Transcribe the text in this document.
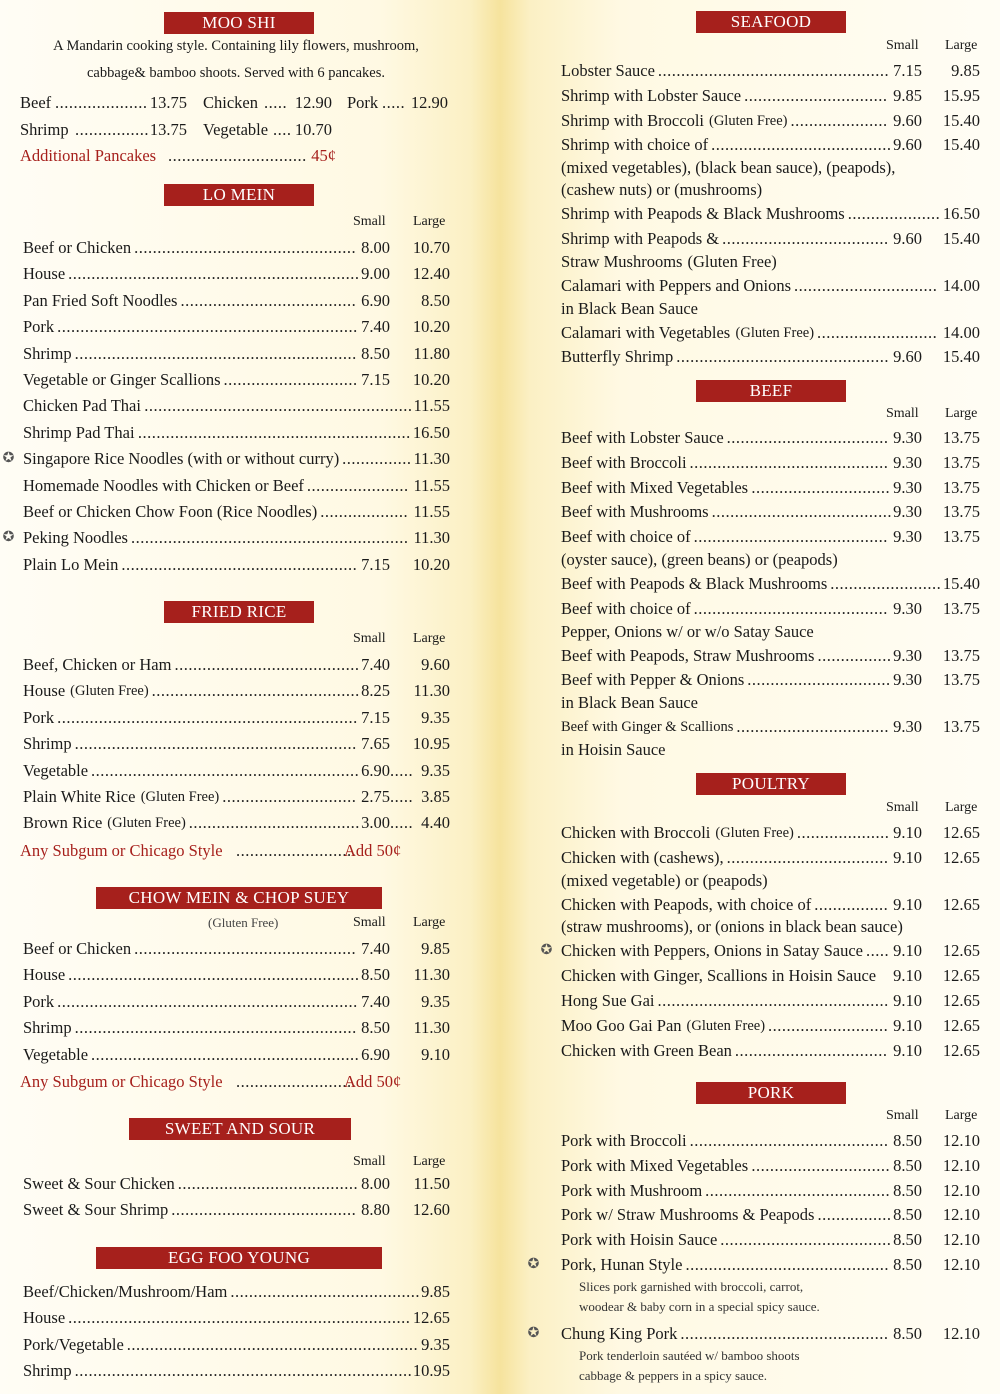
MOO SHI
A Mandarin cooking style. Containing lily flowers, mushroom,
cabbage& bamboo shoots. Served with 6 pancakes.
Beef .................... 13.75 Chicken ..... 12.90 Pork ..... 12.90
Shrimp ................ 13.75 Vegetable .... 10.70
Additional Pancakes .............................. 45¢
LO MEIN
Small Large
Beef or Chicken ................................................ 8.00	10.70
House ............................................................... 9.00	12.40
Pan Fried Soft Noodles ...................................... 6.90	8.50
Pork ................................................................. 7.40	10.20
Shrimp ............................................................. 8.50	11.80
Vegetable or Ginger Scallions ............................. 7.15	10.20
Chicken Pad Thai .......................................................... 11.55
Shrimp Pad Thai ........................................................... 16.50
Singapore Rice Noodles (with or without curry) ............... 11.30
✪
Homemade Noodles with Chicken or Beef ...................... 11.55
Beef or Chicken Chow Foon (Rice Noodles) ................... 11.55
Peking Noodles ............................................................ 11.30
✪
Plain Lo Mein ................................................... 7.15	10.20
FRIED RICE
Small Large
Beef, Chicken or Ham ........................................ 7.40	9.60
House (Gluten Free) ............................................. 8.25	11.30
Pork ................................................................. 7.15	9.35
Shrimp ............................................................. 7.65	10.95
Vegetable .......................................................... 6.90 ..... 9.35
Plain White Rice (Gluten Free) ............................. 2.75 ..... 3.85
Brown Rice (Gluten Free) ..................................... 3.00 ..... 4.40
Any Subgum or Chicago Style ..........................
Add 50¢
CHOW MEIN & CHOP SUEY
(Gluten Free)	Small Large
Beef or Chicken ................................................ 7.40	9.85
House ............................................................... 8.50	11.30
Pork ................................................................. 7.40	9.35
Shrimp ............................................................. 8.50	11.30
Vegetable .......................................................... 6.90	9.10
Any Subgum or Chicago Style ..........................
Add 50¢
SWEET AND SOUR
Small Large
Sweet & Sour Chicken ....................................... 8.00	11.50
Sweet & Sour Shrimp ........................................ 8.80	12.60
EGG FOO YOUNG
Beef/Chicken/Mushroom/Ham ......................................... 9.85
House .......................................................................... 12.65
Pork/Vegetable ............................................................... 9.35
Shrimp ......................................................................... 10.95
SEAFOOD
Small Large
Lobster Sauce .................................................. 7.15	9.85
Shrimp with Lobster Sauce ............................... 9.85 15.95
Shrimp with Broccoli (Gluten Free) ..................... 9.60 15.40
Shrimp with choice of ....................................... 9.60 15.40
(mixed vegetables), (black bean sauce), (peapods),
(cashew nuts) or (mushrooms)
Shrimp with Peapods & Black Mushrooms .................... 16.50
Shrimp with Peapods & .................................... 9.60 15.40
Straw Mushrooms (Gluten Free)
Calamari with Peppers and Onions ............................... 14.00
in Black Bean Sauce
Calamari with Vegetables (Gluten Free) .......................... 14.00
Butterfly Shrimp .............................................. 9.60 15.40
BEEF
Small Large
Beef with Lobster Sauce ................................... 9.30 13.75
Beef with Broccoli ........................................... 9.30 13.75
Beef with Mixed Vegetables .............................. 9.30 13.75
Beef with Mushrooms ....................................... 9.30 13.75
Beef with choice of .......................................... 9.30 13.75
(oyster sauce), (green beans) or (peapods)
Beef with Peapods & Black Mushrooms ........................ 15.40
Beef with choice of .......................................... 9.30 13.75
Pepper, Onions w/ or w/o Satay Sauce
Beef with Peapods, Straw Mushrooms ................ 9.30 13.75
Beef with Pepper & Onions ............................... 9.30 13.75
in Black Bean Sauce
Beef with Ginger & Scallions ................................. 9.30 13.75
in Hoisin Sauce
POULTRY
Small Large
Chicken with Broccoli (Gluten Free) .................... 9.10 12.65
Chicken with (cashews), ................................... 9.10 12.65
(mixed vegetable) or (peapods)
Chicken with Peapods, with choice of ................ 9.10 12.65
(straw mushrooms), or (onions in black bean sauce)
Chicken with Peppers, Onions in Satay Sauce ..... 9.10 12.65
✪
Chicken with Ginger, Scallions in Hoisin Sauce	9.10 12.65
Hong Sue Gai .................................................. 9.10 12.65
Moo Goo Gai Pan (Gluten Free) .......................... 9.10 12.65
Chicken with Green Bean ................................. 9.10 12.65
PORK
Small Large
Pork with Broccoli ........................................... 8.50 12.10
Pork with Mixed Vegetables .............................. 8.50 12.10
Pork with Mushroom ........................................ 8.50 12.10
Pork w/ Straw Mushrooms & Peapods ................ 8.50 12.10
Pork with Hoisin Sauce ..................................... 8.50 12.10
Pork, Hunan Style ............................................ 8.50 12.10
✪
Slices pork garnished with broccoli, carrot,
woodear & baby corn in a special spicy sauce.
Chung King Pork ............................................. 8.50 12.10
✪
Pork tenderloin sautéed w/ bamboo shoots
cabbage & peppers in a spicy sauce.
